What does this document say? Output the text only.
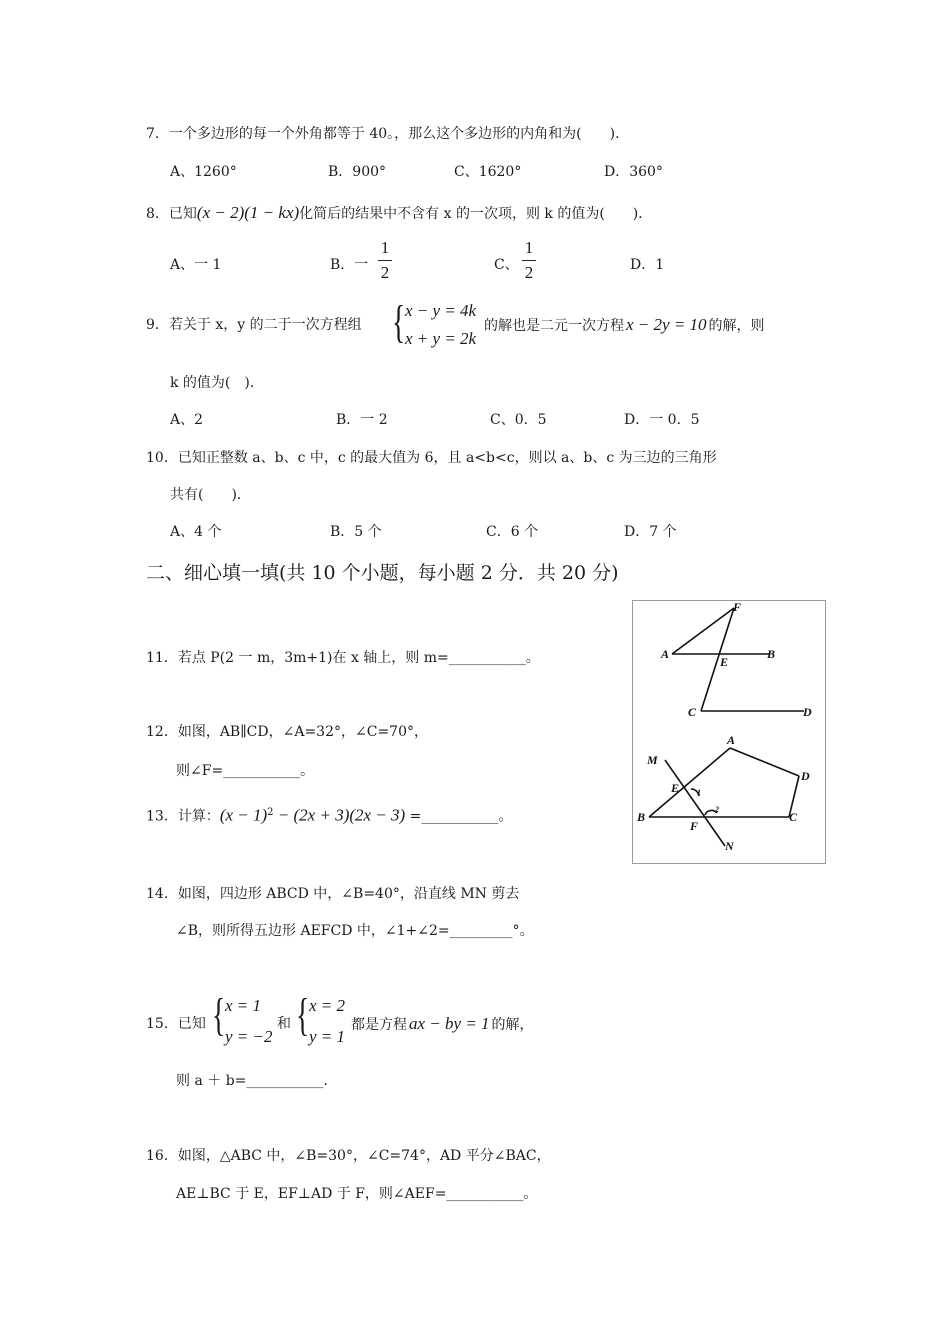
7．一个多边形的每一个外角都等于 40。，那么这个多边形的内角和为(　　)．
A、1260°	B．900°	C、1620°	D．360°
8．已知(x − 2)(1 − kx)化简后的结果中不含有 x 的一次项，则 k 的值为(　　)．
A、一 1	B．一
1
2	C、
1
2	D．1
9．若关于 x，y 的二于一次方程组 { x − y = 4k
x + y = 2k
的解也是二元一次方程 x − 2y = 10 的解，则
k 的值为(　)．
A、2	B．一 2	C、0．5	D．一 0．5
10．已知正整数 a、b、c 中，c 的最大值为 6，且 a<b<c，则以 a、b、c 为三边的三角形
共有(　　)．
A、4 个	B．5 个	C．6 个	D．7 个
二、细心填一填(共 10 个小题，每小题 2 分．共 20 分)
11．若点 P(2 一 m，3m+1)在 x 轴上，则 m=___________。
12．如图，AB∥CD，∠A=32°，∠C=70°，
则∠F=___________。
13．计算：$(x - 1)^2 - (2x + 3)(2x - 3)$ =___________。
14．如图，四边形 ABCD 中，∠B=40°，沿直线 MN 剪去
∠B，则所得五边形 AEFCD 中，∠1+∠2=_________°。
15．已知 { x = 1
y = −2
和 { x = 2
y = 1
都是方程 ax − by = 1 的解，
则 a ＋ b=___________.
16．如图，△ABC 中，∠B=30°，∠C=74°，AD 平分∠BAC，
AE⊥BC 于 E，EF⊥AD 于 F，则∠AEF=___________。
F
A
E
B
C	D
M
A
D
E 1
2
B
F
C
N
